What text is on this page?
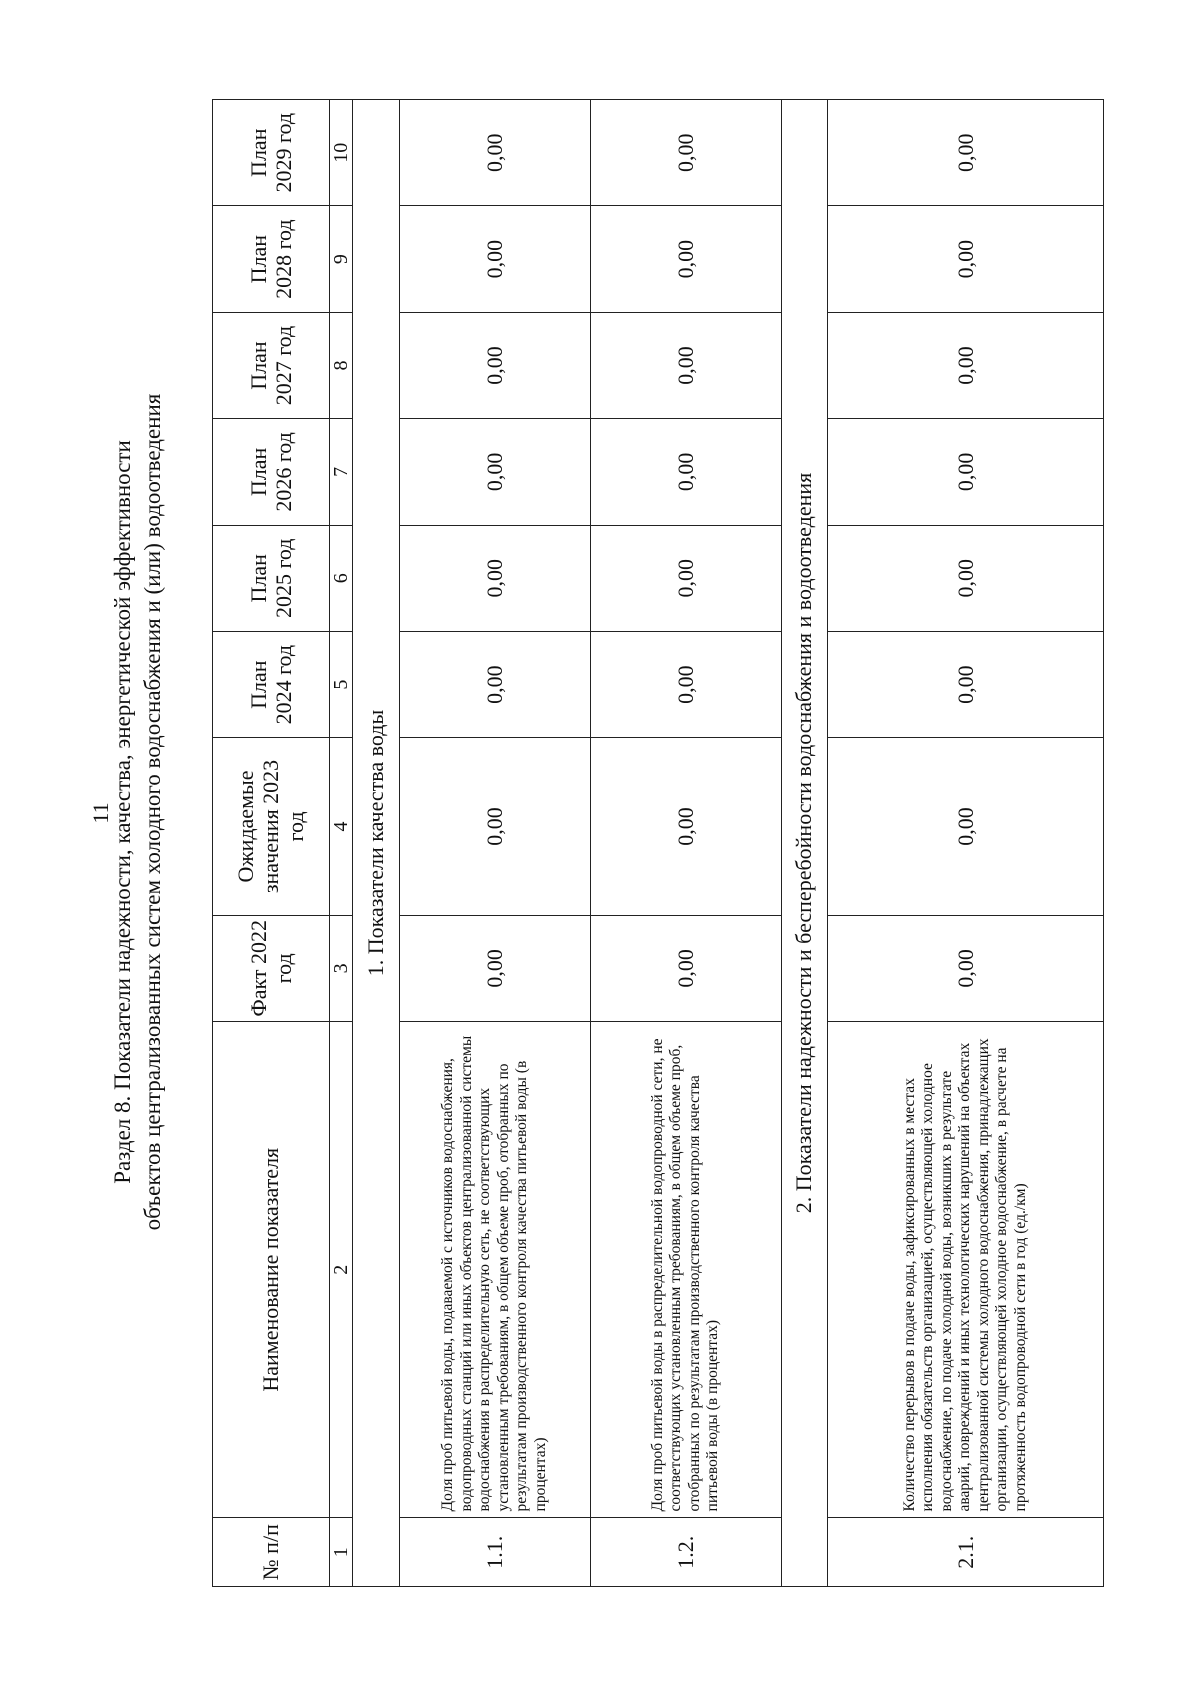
11
Раздел 8. Показатели надежности, качества, энергетической эффективности объектов централизованных систем холодного водоснабжения и (или) водоотведения
№ п/п	Наименование показателя	Факт 2022 год	Ожидаемые значения 2023 год	План 2024 год	План 2025 год	План 2026 год	План 2027 год	План 2028 год	План 2029 год
1	2	3	4	5	6	7	8	9	10
1. Показатели качества воды									
1.1.	Доля проб питьевой воды, подаваемой с источников водоснабжения, водопроводных станций или иных объектов централизованной системы водоснабжения в распределительную сеть, не соответствующих установленным требованиям, в общем объеме проб, отобранных по результатам производственного контроля качества питьевой воды (в процентах)	0,00	0,00	0,00	0,00	0,00	0,00	0,00	0,00
1.2.	Доля проб питьевой воды в распределительной водопроводной сети, не соответствующих установленным требованиям, в общем объеме проб, отобранных по результатам производственного контроля качества питьевой воды (в процентах)	0,00	0,00	0,00	0,00	0,00	0,00	0,00	0,00
2. Показатели надежности и бесперебойности водоснабжения и водоотведения									
2.1.	Количество перерывов в подаче воды, зафиксированных в местах исполнения обязательств организацией, осуществляющей холодное водоснабжение, по подаче холодной воды, возникших в результате аварий, повреждений и иных технологических нарушений на объектах централизованной системы холодного водоснабжения, принадлежащих организации, осуществляющей холодное водоснабжение, в расчете на протяженность водопроводной сети в год (ед./км)	0,00	0,00	0,00	0,00	0,00	0,00	0,00	0,00
